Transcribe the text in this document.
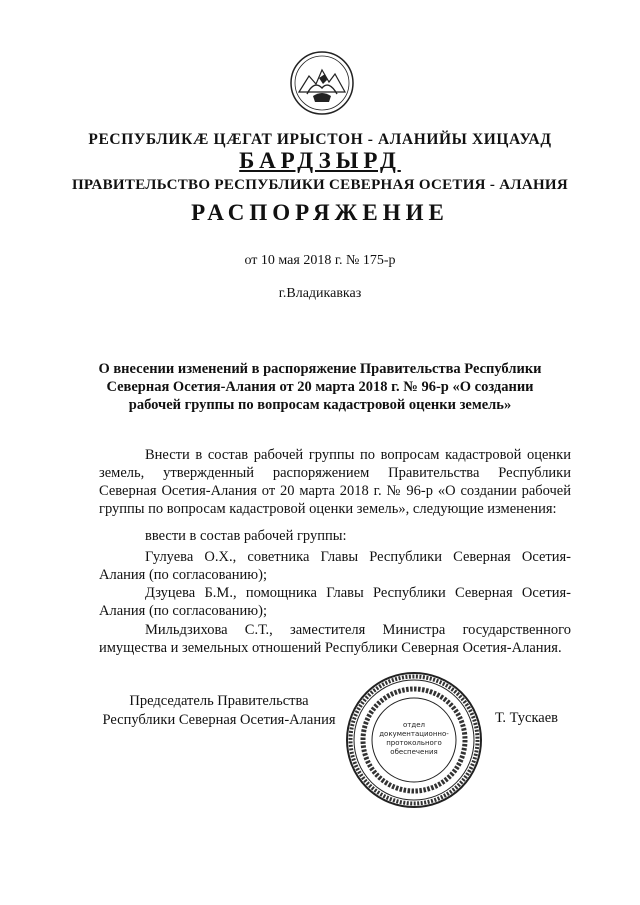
РЕСПУБЛИКÆ ЦÆГАТ ИРЫСТОН - АЛАНИЙЫ ХИЦАУАД
БАРДЗЫРД
ПРАВИТЕЛЬСТВО РЕСПУБЛИКИ СЕВЕРНАЯ ОСЕТИЯ - АЛАНИЯ
РАСПОРЯЖЕНИЕ
от 10 мая 2018 г. № 175-р
г.Владикавказ
О внесении изменений в распоряжение Правительства Республики Северная Осетия-Алания от 20 марта 2018 г. № 96-р «О создании рабочей группы по вопросам кадастровой оценки земель»
Внести в состав рабочей группы по вопросам кадастровой оценки земель, утвержденный распоряжением Правительства Республики Северная Осетия-Алания от 20 марта 2018 г. № 96-р «О создании рабочей группы по вопросам кадастровой оценки земель», следующие изменения:
ввести в состав рабочей группы:
Гулуева О.Х., советника Главы Республики Северная Осетия-Алания (по согласованию);
Дзуцева Б.М., помощника Главы Республики Северная Осетия-Алания (по согласованию);
Мильдзихова С.Т., заместителя Министра государственного имущества и земельных отношений Республики Северная Осетия-Алания.
Председатель Правительства
Республики Северная Осетия-Алания	отдел
документационно-
протокольного
обеспечения
Т. Тускаев
